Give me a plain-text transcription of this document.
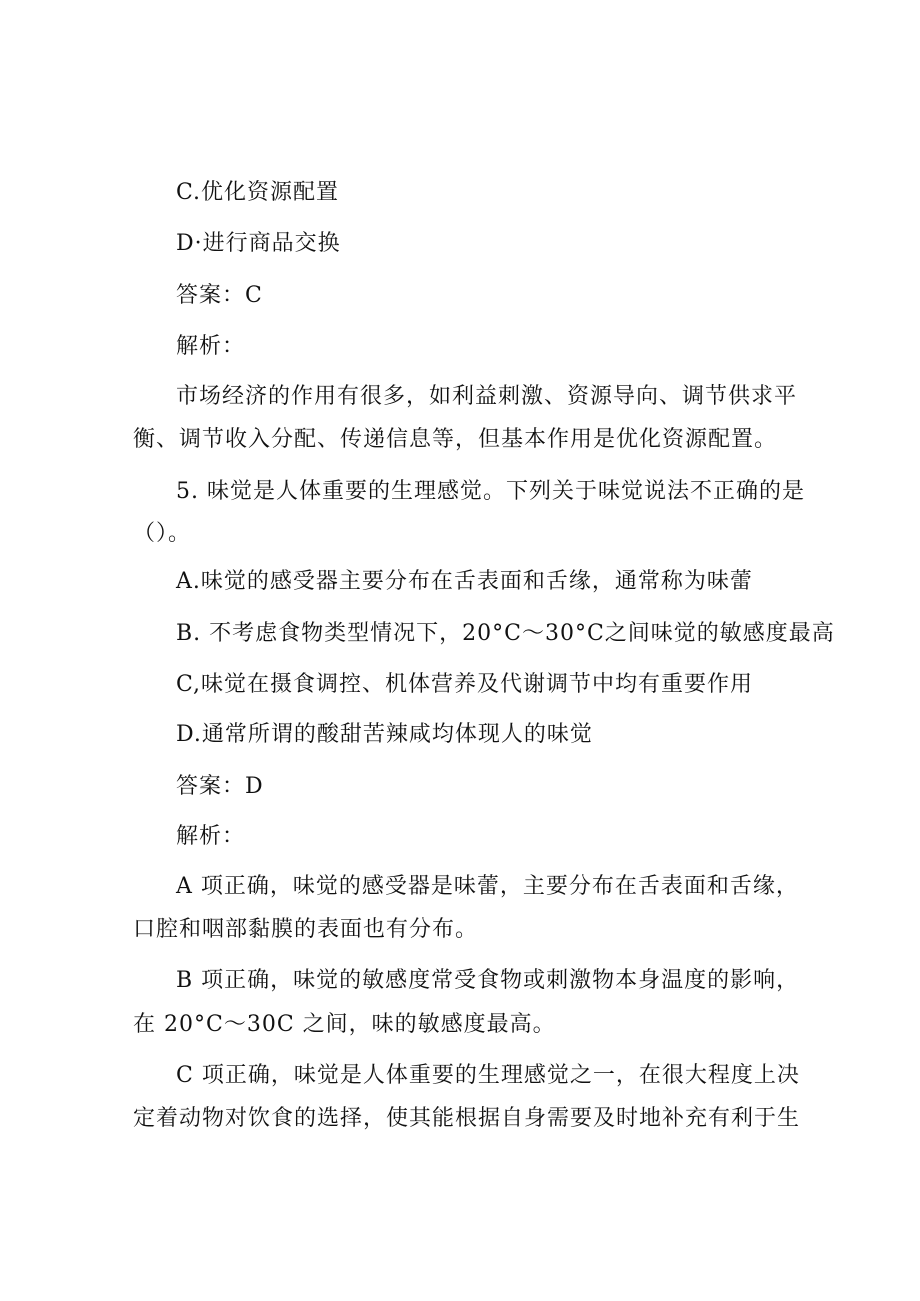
C.优化资源配置
D·进行商品交换
答案：C
解析：
市场经济的作用有很多，如利益刺激、资源导向、调节供求平
衡、调节收入分配、传递信息等，但基本作用是优化资源配置。
5. 味觉是人体重要的生理感觉。下列关于味觉说法不正确的是
（）。
A.味觉的感受器主要分布在舌表面和舌缘，通常称为味蕾
B. 不考虑食物类型情况下，20°C～30°C之间味觉的敏感度最高
C,味觉在摄食调控、机体营养及代谢调节中均有重要作用
D.通常所谓的酸甜苦辣咸均体现人的味觉
答案：D
解析：
A 项正确，味觉的感受器是味蕾，主要分布在舌表面和舌缘，
口腔和咽部黏膜的表面也有分布。
B 项正确，味觉的敏感度常受食物或刺激物本身温度的影响，
在 20°C～30C 之间，味的敏感度最高。
C 项正确，味觉是人体重要的生理感觉之一，在很大程度上决
定着动物对饮食的选择，使其能根据自身需要及时地补充有利于生
